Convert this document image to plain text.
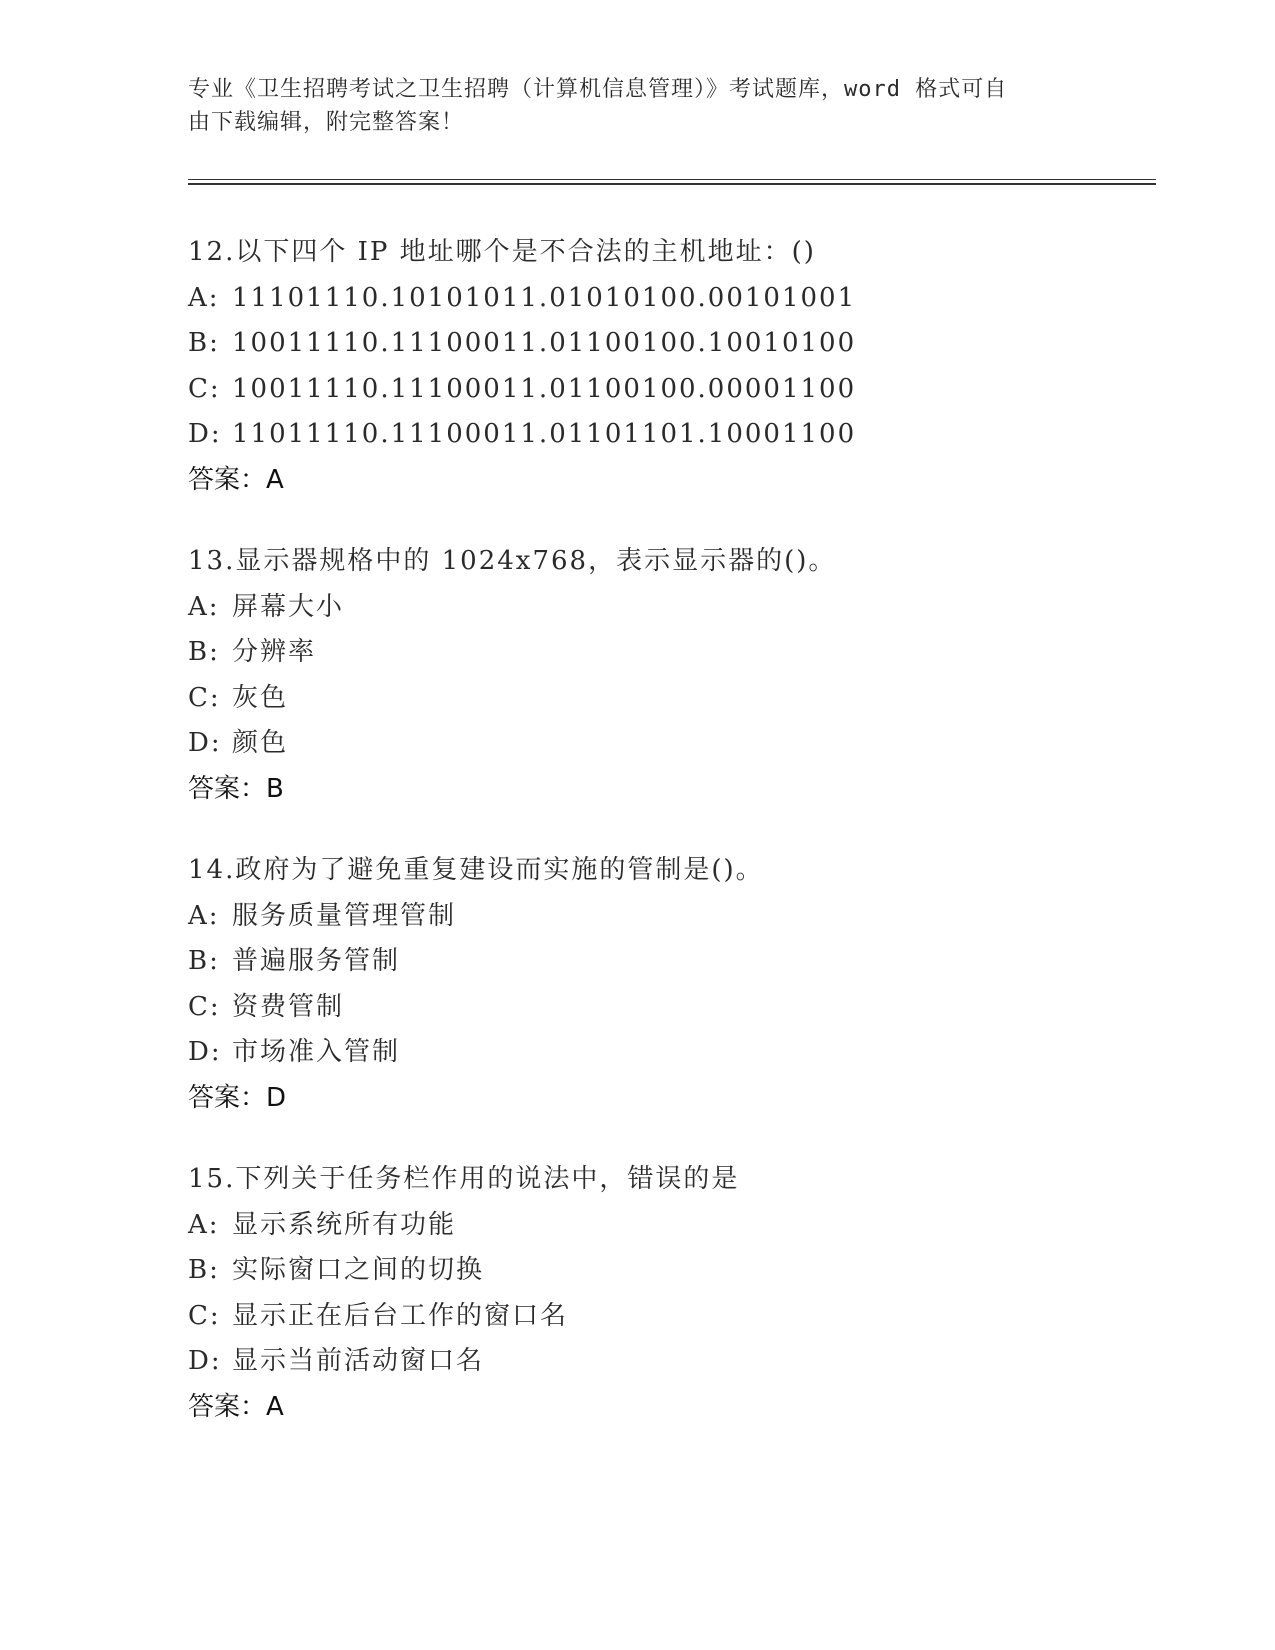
专业《卫生招聘考试之卫生招聘（计算机信息管理）》考试题库，word 格式可自
由下载编辑，附完整答案！
12.以下四个 IP 地址哪个是不合法的主机地址：()
A: 11101110.10101011.01010100.00101001
B: 10011110.11100011.01100100.10010100
C: 10011110.11100011.01100100.00001100
D: 11011110.11100011.01101101.10001100
答案：A
13.显示器规格中的 1024ⅹ768，表示显示器的()。
A: 屏幕大小
B: 分辨率
C: 灰色
D: 颜色
答案：B
14.政府为了避免重复建设而实施的管制是()。
A: 服务质量管理管制
B: 普遍服务管制
C: 资费管制
D: 市场准入管制
答案：D
15.下列关于任务栏作用的说法中，错误的是
A: 显示系统所有功能
B: 实际窗口之间的切换
C: 显示正在后台工作的窗口名
D: 显示当前活动窗口名
答案：A
